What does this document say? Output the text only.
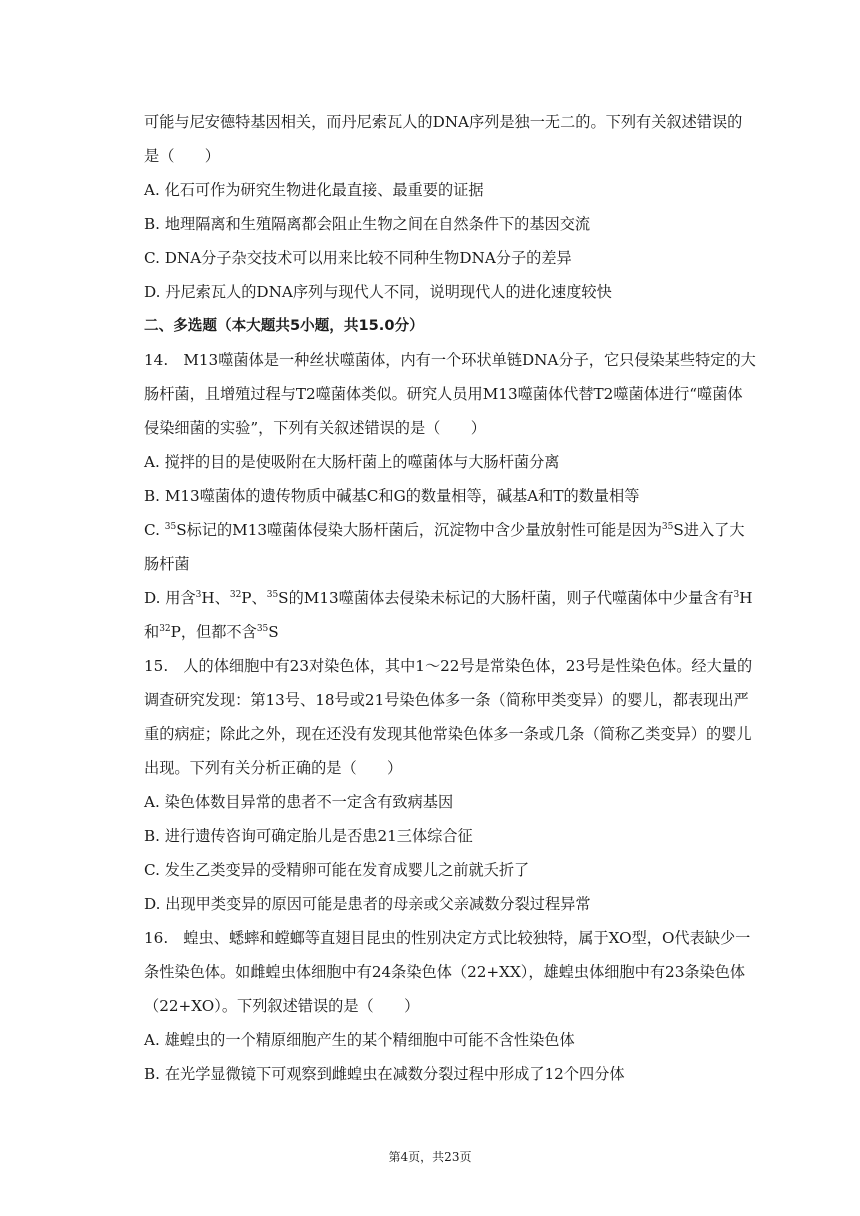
可能与尼安德特基因相关，而丹尼索瓦人的DNA序列是独一无二的。下列有关叙述错误的
是（　　）
A. 化石可作为研究生物进化最直接、最重要的证据
B. 地理隔离和生殖隔离都会阻止生物之间在自然条件下的基因交流
C. DNA分子杂交技术可以用来比较不同种生物DNA分子的差异
D. 丹尼索瓦人的DNA序列与现代人不同，说明现代人的进化速度较快
二、多选题（本大题共5小题，共15.0分）
14.　M13噬菌体是一种丝状噬菌体，内有一个环状单链DNA分子，它只侵染某些特定的大
肠杆菌，且增殖过程与T2噬菌体类似。研究人员用M13噬菌体代替T2噬菌体进行“噬菌体
侵染细菌的实验”，下列有关叙述错误的是（　　）
A. 搅拌的目的是使吸附在大肠杆菌上的噬菌体与大肠杆菌分离
B. M13噬菌体的遗传物质中碱基C和G的数量相等，碱基A和T的数量相等
C. $^{35}$S标记的M13噬菌体侵染大肠杆菌后，沉淀物中含少量放射性可能是因为$^{35}$S进入了大
肠杆菌
D. 用含$^3$H、$^{32}$P、$^{35}$S的M13噬菌体去侵染未标记的大肠杆菌，则子代噬菌体中少量含有$^3$H
和$^{32}$P，但都不含$^{35}$S
15.　人的体细胞中有23对染色体，其中1～22号是常染色体，23号是性染色体。经大量的
调查研究发现：第13号、18号或21号染色体多一条（简称甲类变异）的婴儿，都表现出严
重的病症；除此之外，现在还没有发现其他常染色体多一条或几条（简称乙类变异）的婴儿
出现。下列有关分析正确的是（　　）
A. 染色体数目异常的患者不一定含有致病基因
B. 进行遗传咨询可确定胎儿是否患21三体综合征
C. 发生乙类变异的受精卵可能在发育成婴儿之前就夭折了
D. 出现甲类变异的原因可能是患者的母亲或父亲减数分裂过程异常
16.　蝗虫、蟋蟀和螳螂等直翅目昆虫的性别决定方式比较独特，属于XO型，O代表缺少一
条性染色体。如雌蝗虫体细胞中有24条染色体（22+XX），雄蝗虫体细胞中有23条染色体
（22+XO）。下列叙述错误的是（　　）
A. 雄蝗虫的一个精原细胞产生的某个精细胞中可能不含性染色体
B. 在光学显微镜下可观察到雌蝗虫在减数分裂过程中形成了12个四分体
第4页，共23页
